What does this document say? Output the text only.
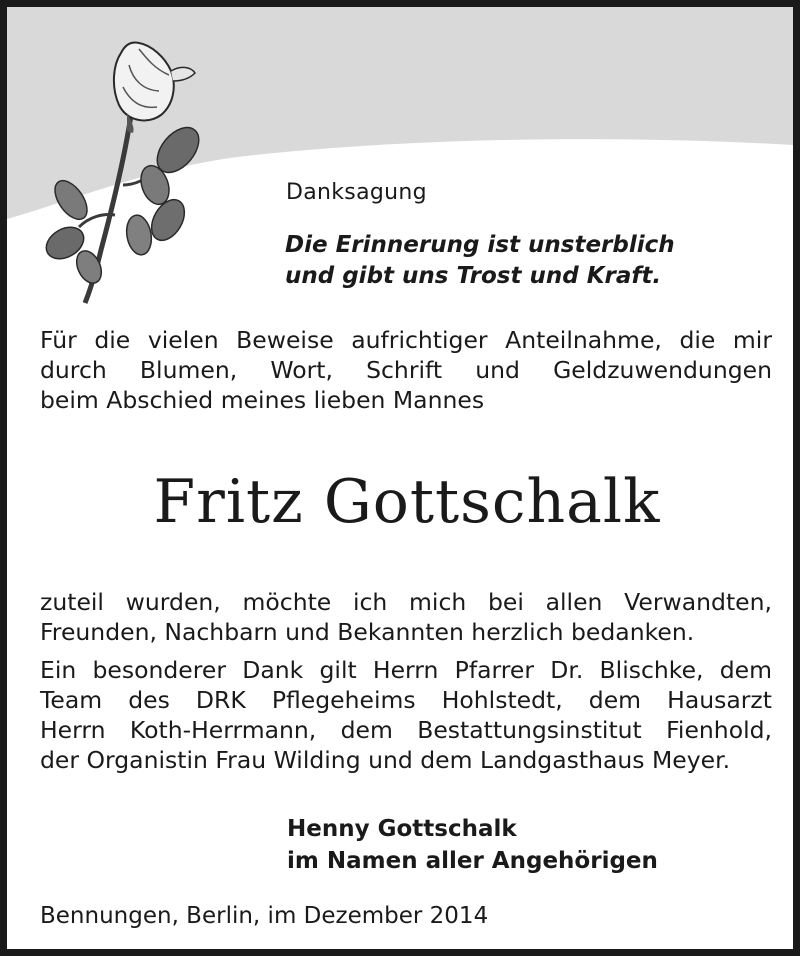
Danksagung
Die Erinnerung ist unsterblich
und gibt uns Trost und Kraft.
Für die vielen Beweise aufrichtiger Anteilnahme, die mir
durch Blumen, Wort, Schrift und Geldzuwendungen
beim Abschied meines lieben Mannes
Fritz Gottschalk
zuteil wurden, möchte ich mich bei allen Verwandten,
Freunden, Nachbarn und Bekannten herzlich bedanken.
Ein besonderer Dank gilt Herrn Pfarrer Dr. Blischke, dem
Team des DRK Pflegeheims Hohlstedt, dem Hausarzt
Herrn Koth-Herrmann, dem Bestattungsinstitut Fienhold,
der Organistin Frau Wilding und dem Landgasthaus Meyer.
Henny Gottschalk
im Namen aller Angehörigen
Bennungen, Berlin, im Dezember 2014
